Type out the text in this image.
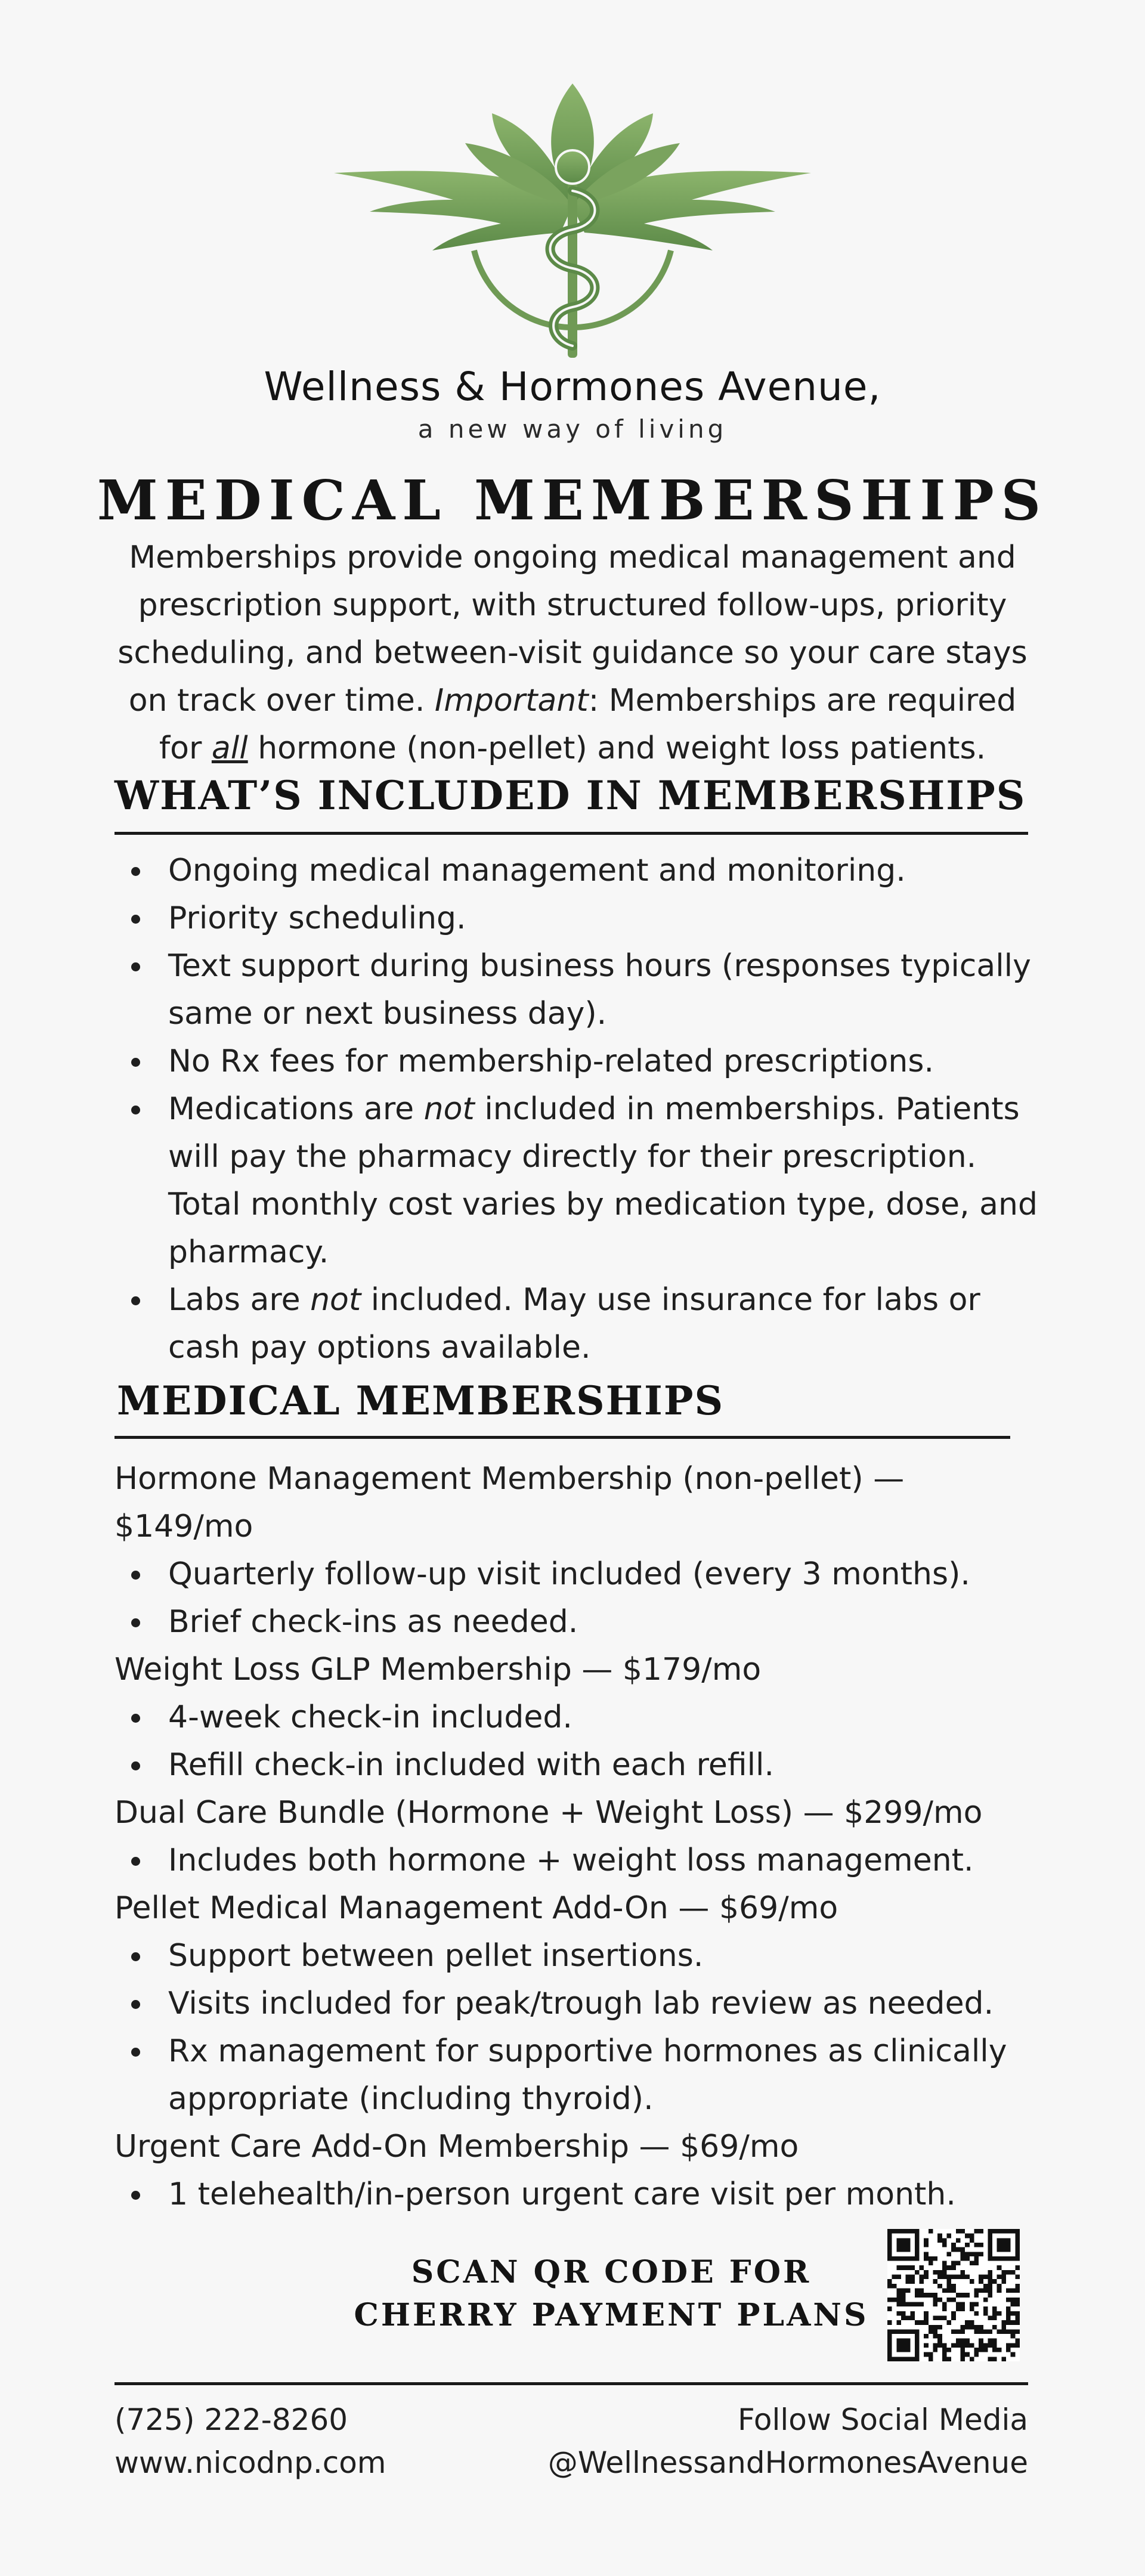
Wellness & Hormones Avenue,
a new way of living
MEDICAL MEMBERSHIPS
Memberships provide ongoing medical management and prescription support, with structured follow-ups, priority scheduling, and between-visit guidance so your care stays on track over time. Important: Memberships are required for all hormone (non-pellet) and weight loss patients.
WHAT’S INCLUDED IN MEMBERSHIPS
Ongoing medical management and monitoring.
Priority scheduling.
Text support during business hours (responses typically same or next business day).
No Rx fees for membership-related prescriptions.
Medications are not included in memberships. Patients will pay the pharmacy directly for their prescription. Total monthly cost varies by medication type, dose, and pharmacy.
Labs are not included. May use insurance for labs or cash pay options available.
MEDICAL MEMBERSHIPS

Hormone Management Membership (non-pellet) — $149/mo

Quarterly follow-up visit included (every 3 months).
Brief check-ins as needed.

Weight Loss GLP Membership — $179/mo

4-week check-in included.
Refill check-in included with each refill.

Dual Care Bundle (Hormone + Weight Loss) — $299/mo

Includes both hormone + weight loss management.

Pellet Medical Management Add-On — $69/mo

Support between pellet insertions.
Visits included for peak/trough lab review as needed.
Rx management for supportive hormones as clinically appropriate (including thyroid).

Urgent Care Add-On Membership — $69/mo

1 telehealth/in-person urgent care visit per month.
SCAN QR CODE FOR
CHERRY PAYMENT PLANS
(725) 222-8260
www.nicodnp.com
Follow Social Media
@WellnessandHormonesAvenue
